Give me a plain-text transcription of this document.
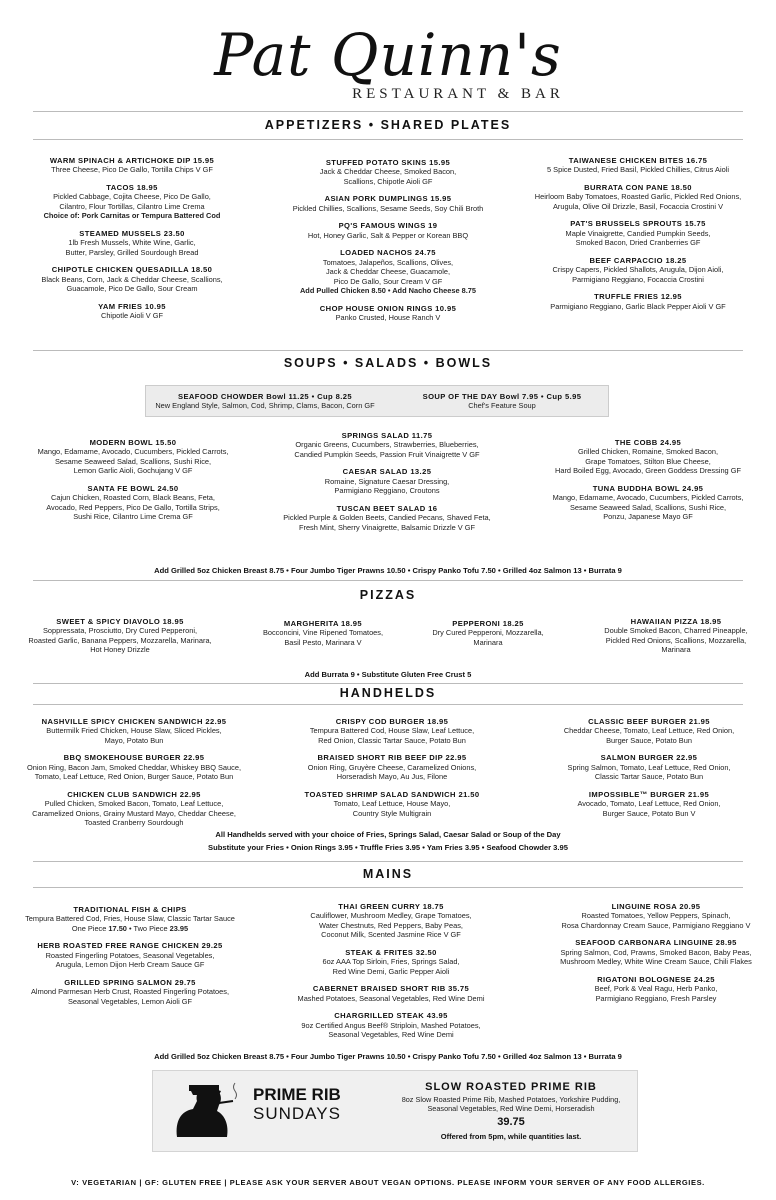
Pat Quinn's
RESTAURANT & BAR
APPETIZERS • SHARED PLATES
WARM SPINACH & ARTICHOKE DIP 15.95
Three Cheese, Pico De Gallo, Tortilla Chips V GF
TACOS 18.95
Pickled Cabbage, Cojita Cheese, Pico De Gallo,
Cilantro, Flour Tortillas, Cilantro Lime Crema
Choice of: Pork Carnitas or Tempura Battered Cod
STEAMED MUSSELS 23.50
1lb Fresh Mussels, White Wine, Garlic,
Butter, Parsley, Grilled Sourdough Bread
CHIPOTLE CHICKEN QUESADILLA 18.50
Black Beans, Corn, Jack & Cheddar Cheese, Scallions,
Guacamole, Pico De Gallo, Sour Cream
YAM FRIES 10.95
Chipotle Aioli V GF
STUFFED POTATO SKINS 15.95
Jack & Cheddar Cheese, Smoked Bacon,
Scallions, Chipotle Aioli GF
ASIAN PORK DUMPLINGS 15.95
Pickled Chillies, Scallions, Sesame Seeds, Soy Chili Broth
PQ'S FAMOUS WINGS 19
Hot, Honey Garlic, Salt & Pepper or Korean BBQ
LOADED NACHOS 24.75
Tomatoes, Jalapeños, Scallions, Olives,
Jack & Cheddar Cheese, Guacamole,
Pico De Gallo, Sour Cream V GF
Add Pulled Chicken 8.50 • Add Nacho Cheese 8.75
CHOP HOUSE ONION RINGS 10.95
Panko Crusted, House Ranch V
TAIWANESE CHICKEN BITES 16.75
5 Spice Dusted, Fried Basil, Pickled Chillies, Citrus Aioli
BURRATA CON PANE 18.50
Heirloom Baby Tomatoes, Roasted Garlic, Pickled Red Onions,
Arugula, Olive Oil Drizzle, Basil, Focaccia Crostini V
PAT'S BRUSSELS SPROUTS 15.75
Maple Vinaigrette, Candied Pumpkin Seeds,
Smoked Bacon, Dried Cranberries GF
BEEF CARPACCIO 18.25
Crispy Capers, Pickled Shallots, Arugula, Dijon Aioli,
Parmigiano Reggiano, Focaccia Crostini
TRUFFLE FRIES 12.95
Parmigiano Reggiano, Garlic Black Pepper Aioli V GF
SOUPS • SALADS • BOWLS
SEAFOOD CHOWDER Bowl 11.25 • Cup 8.25
New England Style, Salmon, Cod, Shrimp, Clams, Bacon, Corn GF
SOUP OF THE DAY Bowl 7.95 • Cup 5.95
Chef's Feature Soup
MODERN BOWL 15.50
Mango, Edamame, Avocado, Cucumbers, Pickled Carrots,
Sesame Seaweed Salad, Scallions, Sushi Rice,
Lemon Garlic Aioli, Gochujang V GF
SANTA FE BOWL 24.50
Cajun Chicken, Roasted Corn, Black Beans, Feta,
Avocado, Red Peppers, Pico De Gallo, Tortilla Strips,
Sushi Rice, Cilantro Lime Crema GF
SPRINGS SALAD 11.75
Organic Greens, Cucumbers, Strawberries, Blueberries,
Candied Pumpkin Seeds, Passion Fruit Vinaigrette V GF
CAESAR SALAD 13.25
Romaine, Signature Caesar Dressing,
Parmigiano Reggiano, Croutons
TUSCAN BEET SALAD 16
Pickled Purple & Golden Beets, Candied Pecans, Shaved Feta,
Fresh Mint, Sherry Vinaigrette, Balsamic Drizzle V GF
THE COBB 24.95
Grilled Chicken, Romaine, Smoked Bacon,
Grape Tomatoes, Stilton Blue Cheese,
Hard Boiled Egg, Avocado, Green Goddess Dressing GF
TUNA BUDDHA BOWL 24.95
Mango, Edamame, Avocado, Cucumbers, Pickled Carrots,
Sesame Seaweed Salad, Scallions, Sushi Rice,
Ponzu, Japanese Mayo GF
Add Grilled 5oz Chicken Breast 8.75 • Four Jumbo Tiger Prawns 10.50 • Crispy Panko Tofu 7.50 • Grilled 4oz Salmon 13 • Burrata 9
PIZZAS
SWEET & SPICY DIAVOLO 18.95
Soppressata, Prosciutto, Dry Cured Pepperoni,
Roasted Garlic, Banana Peppers, Mozzarella, Marinara,
Hot Honey Drizzle
MARGHERITA 18.95
Bocconcini, Vine Ripened Tomatoes,
Basil Pesto, Marinara V
PEPPERONI 18.25
Dry Cured Pepperoni, Mozzarella,
Marinara
HAWAIIAN PIZZA 18.95
Double Smoked Bacon, Charred Pineapple,
Pickled Red Onions, Scallions, Mozzarella,
Marinara
Add Burrata 9 • Substitute Gluten Free Crust 5
HANDHELDS
NASHVILLE SPICY CHICKEN SANDWICH 22.95
Buttermilk Fried Chicken, House Slaw, Sliced Pickles,
Mayo, Potato Bun
BBQ SMOKEHOUSE BURGER 22.95
Onion Ring, Bacon Jam, Smoked Cheddar, Whiskey BBQ Sauce,
Tomato, Leaf Lettuce, Red Onion, Burger Sauce, Potato Bun
CHICKEN CLUB SANDWICH 22.95
Pulled Chicken, Smoked Bacon, Tomato, Leaf Lettuce,
Caramelized Onions, Grainy Mustard Mayo, Cheddar Cheese,
Toasted Cranberry Sourdough
CRISPY COD BURGER 18.95
Tempura Battered Cod, House Slaw, Leaf Lettuce,
Red Onion, Classic Tartar Sauce, Potato Bun
BRAISED SHORT RIB BEEF DIP 22.95
Onion Ring, Gruyère Cheese, Caramelized Onions,
Horseradish Mayo, Au Jus, Filone
TOASTED SHRIMP SALAD SANDWICH 21.50
Tomato, Leaf Lettuce, House Mayo,
Country Style Multigrain
CLASSIC BEEF BURGER 21.95
Cheddar Cheese, Tomato, Leaf Lettuce, Red Onion,
Burger Sauce, Potato Bun
SALMON BURGER 22.95
Spring Salmon, Tomato, Leaf Lettuce, Red Onion,
Classic Tartar Sauce, Potato Bun
IMPOSSIBLE™ BURGER 21.95
Avocado, Tomato, Leaf Lettuce, Red Onion,
Burger Sauce, Potato Bun V
All Handhelds served with your choice of Fries, Springs Salad, Caesar Salad or Soup of the Day
Substitute your Fries • Onion Rings 3.95 • Truffle Fries 3.95 • Yam Fries 3.95 • Seafood Chowder 3.95
MAINS
TRADITIONAL FISH & CHIPS
Tempura Battered Cod, Fries, House Slaw, Classic Tartar Sauce
One Piece 17.50 • Two Piece 23.95
HERB ROASTED FREE RANGE CHICKEN 29.25
Roasted Fingerling Potatoes, Seasonal Vegetables,
Arugula, Lemon Dijon Herb Cream Sauce GF
GRILLED SPRING SALMON 29.75
Almond Parmesan Herb Crust, Roasted Fingerling Potatoes,
Seasonal Vegetables, Lemon Aioli GF
THAI GREEN CURRY 18.75
Cauliflower, Mushroom Medley, Grape Tomatoes,
Water Chestnuts, Red Peppers, Baby Peas,
Coconut Milk, Scented Jasmine Rice V GF
STEAK & FRITES 32.50
6oz AAA Top Sirloin, Fries, Springs Salad,
Red Wine Demi, Garlic Pepper Aioli
CABERNET BRAISED SHORT RIB 35.75
Mashed Potatoes, Seasonal Vegetables, Red Wine Demi
CHARGRILLED STEAK 43.95
9oz Certified Angus Beef® Striploin, Mashed Potatoes,
Seasonal Vegetables, Red Wine Demi
LINGUINE ROSA 20.95
Roasted Tomatoes, Yellow Peppers, Spinach,
Rosa Chardonnay Cream Sauce, Parmigiano Reggiano V
SEAFOOD CARBONARA LINGUINE 28.95
Spring Salmon, Cod, Prawns, Smoked Bacon, Baby Peas,
Mushroom Medley, White Wine Cream Sauce, Chili Flakes
RIGATONI BOLOGNESE 24.25
Beef, Pork & Veal Ragu, Herb Panko,
Parmigiano Reggiano, Fresh Parsley
Add Grilled 5oz Chicken Breast 8.75 • Four Jumbo Tiger Prawns 10.50 • Crispy Panko Tofu 7.50 • Grilled 4oz Salmon 13 • Burrata 9
PRIME RIB
SUNDAYS
SLOW ROASTED PRIME RIB
8oz Slow Roasted Prime Rib, Mashed Potatoes, Yorkshire Pudding,
Seasonal Vegetables, Red Wine Demi, Horseradish
39.75
Offered from 5pm, while quantities last.
V: VEGETARIAN | GF: GLUTEN FREE | PLEASE ASK YOUR SERVER ABOUT VEGAN OPTIONS. PLEASE INFORM YOUR SERVER OF ANY FOOD ALLERGIES.
